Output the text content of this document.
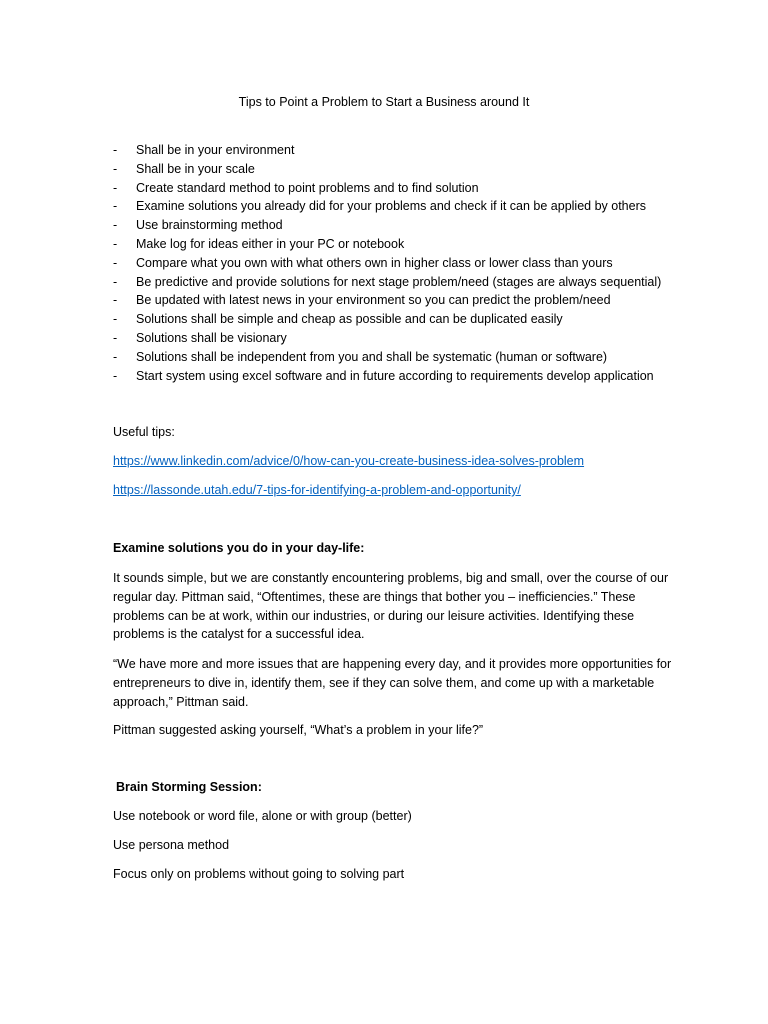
Tips to Point a Problem to Start a Business around It
- Shall be in your environment
- Shall be in your scale
- Create standard method to point problems and to find solution
- Examine solutions you already did for your problems and check if it can be applied by others
- Use brainstorming method
- Make log for ideas either in your PC or notebook
- Compare what you own with what others own in higher class or lower class than yours
- Be predictive and provide solutions for next stage problem/need (stages are always sequential)
- Be updated with latest news in your environment so you can predict the problem/need
- Solutions shall be simple and cheap as possible and can be duplicated easily
- Solutions shall be visionary
- Solutions shall be independent from you and shall be systematic (human or software)
- Start system using excel software and in future according to requirements develop application

Useful tips:

https://www.linkedin.com/advice/0/how-can-you-create-business-idea-solves-problem
https://lassonde.utah.edu/7-tips-for-identifying-a-problem-and-opportunity/

Examine solutions you do in your day-life:

It sounds simple, but we are constantly encountering problems, big and small, over the course of our regular day. Pittman said, “Oftentimes, these are things that bother you – inefficiencies.” These problems can be at work, within our industries, or during our leisure activities. Identifying these problems is the catalyst for a successful idea.

“We have more and more issues that are happening every day, and it provides more opportunities for entrepreneurs to dive in, identify them, see if they can solve them, and come up with a marketable approach,” Pittman said.

Pittman suggested asking yourself, “What’s a problem in your life?”

Brain Storming Session:

Use notebook or word file, alone or with group (better)

Use persona method

Focus only on problems without going to solving part
